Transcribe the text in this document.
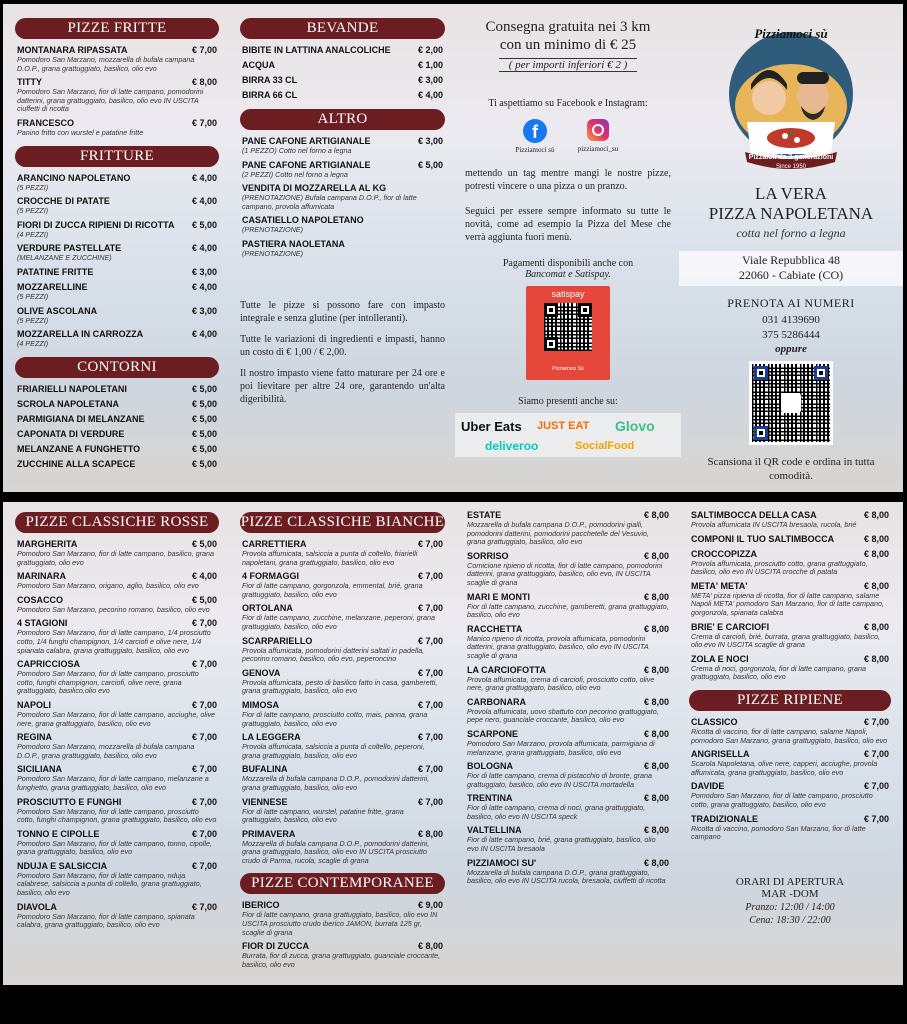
PIZZE FRITTE
MONTANARA RIPASSATA	€ 7,00
Pomodoro San Marzano, mozzarella di bufala campana D.O.P., grana grattuggiato, basilico, olio evo
TITTY	€ 8,00
Pomodoro San Marzano, fior di latte campano, pomodorini datterini, grana grattuggiato, basilico, olio evo IN USCITA ciuffetti di ricotta
FRANCESCO	€ 7,00
Panino fritto con wurstel e patatine fritte
FRITTURE
ARANCINO NAPOLETANO	€ 4,00
(5 PEZZI)
CROCCHE DI PATATE	€ 4,00
(5 PEZZI)
FIORI DI ZUCCA RIPIENI DI RICOTTA	€ 5,00
(4 PEZZI)
VERDURE PASTELLATE	€ 4,00
(MELANZANE E ZUCCHINE)
PATATINE FRITTE	€ 3,00
MOZZARELLINE	€ 4,00
(5 PEZZI)
OLIVE ASCOLANA	€ 3,00
(5 PEZZI)
MOZZARELLA IN CARROZZA	€ 4,00
(4 PEZZI)
CONTORNI
FRIARIELLI NAPOLETANI	€ 5,00
SCROLA NAPOLETANA	€ 5,00
PARMIGIANA DI MELANZANE	€ 5,00
CAPONATA DI VERDURE	€ 5,00
MELANZANE A FUNGHETTO	€ 5,00
ZUCCHINE ALLA SCAPECE	€ 5,00
BEVANDE
BIBITE IN LATTINA ANALCOLICHE	€ 2,00
ACQUA	€ 1,00
BIRRA 33 CL	€ 3,00
BIRRA 66 CL	€ 4,00
ALTRO
PANE CAFONE ARTIGIANALE	€ 3,00
(1 PEZZO) Cotto nel forno a legna
PANE CAFONE ARTIGIANALE	€ 5,00
(2 PEZZI) Cotto nel forno a legna
VENDITA DI MOZZARELLA AL KG
(PRENOTAZIONE) Bufala campana D.O.P., fior di latte campano, provola affumicata
CASATIELLO NAPOLETANO
(PRENOTAZIONE)
PASTIERA NAOLETANA
(PRENOTAZIONE)

Tutte le pizze si possono fare con impasto integrale e senza glutine (per intolleranti).

Tutte le variazioni di ingredienti e impasti, hanno un costo di € 1,00 / € 2,00.

Il nostro impasto viene fatto maturare per 24 ore e poi lievitare per altre 24 ore, garantendo un'alta digeribilità.

Consegna gratuita nei 3 km

con un minimo di € 25

( per importi inferiori € 2 )

Ti aspettiamo su Facebook e Instagram:

f
Pizziamoci sù	pizziamoci_su

mettendo un tag mentre mangi le nostre pizze, potresti vincere o una pizza o un pranzo.

Seguici per essere sempre informato su tutte le novità, come ad esempio la Pizza del Mese che verrà aggiunta fuori menù.

Pagamenti disponibili anche con

Bancomat e Satispay.

satispay
Pizziamoci Sù

Siamo presenti anche su:

Uber Eats JUST EAT Glovo
deliveroo	SocialFood
Pizziamoci sù
Pizzaioli da 3 generazioni
Since 1950
LA VERA
PIZZA NAPOLETANA
cotta nel forno a legna
Viale Repubblica 48
22060 - Cabiate (CO)
PRENOTA AI NUMERI
031 4139690
375 5286444
oppure
Scansiona il QR code e ordina in tutta comodità.
PIZZE CLASSICHE ROSSE
MARGHERITA	€ 5,00
Pomodoro San Marzano, fior di latte campano, basilico, grana grattuggiato, olio evo
MARINARA	€ 4,00
Pomodoro San Marzano, origano, aglio, basilico, olio evo
COSACCO	€ 5,00
Pomodoro San Marzano, pecorino romano, basilico, olio evo
4 STAGIONI	€ 7,00
Pomodoro San Marzano, fior di latte campano, 1/4 prosciutto cotto, 1/4 funghi champignon, 1/4 carciofi e olive nere, 1/4 spianata calabra, grana grattuggiato, basilico, olio evo
CAPRICCIOSA	€ 7,00
Pomodoro San Marzano, fior di latte campano, prosciutto cotto, funghi champignon, carciofi, olive nere, grana grattuggiato, basilico,olio evo
NAPOLI	€ 7,00
Pomodoro San Marzano, fior di latte campano, acciughe, olive nere, grana grattuggiato, basilico, olio evo
REGINA	€ 7,00
Pomodoro San Marzano, mozzarella di bufala campana D.O.P., grana grattuggiato, basilico, olio evo
SICILIANA	€ 7,00
Pomodoro San Marzano, fior di latte campano, melanzane a funghetto, grana grattuggiato, basilico, olio evo
PROSCIUTTO E FUNGHI	€ 7,00
Pomodoro San Marzano, fior di latte campano, prosciutto cotto, funghi champignon, grana grattuggiato, basilico, olio evo
TONNO E CIPOLLE	€ 7,00
Pomodoro San Marzano, fior di latte campano, tonno, cipolle, grana grattuggiato, basilico, olio evo
NDUJA E SALSICCIA	€ 7,00
Pomodoro San Marzano, fior di latte campano, nduja calabrese, salsiccia a punta di coltello, grana grattuggiato, basilico, olio evo
DIAVOLA	€ 7,00
Pomodoro San Marzano, fior di latte campano, spianata calabra, grana grattuggiato, basilico, olio evo
PIZZE CLASSICHE BIANCHE
CARRETTIERA	€ 7,00
Provola affumicata, salsiccia a punta di coltello, friarielli napoletani, grana grattuggiato, basilico, olio evo
4 FORMAGGI	€ 7,00
Fior di latte campano, gorgonzola, emmental, brié, grana grattuggiato, basilico, olio evo
ORTOLANA	€ 7,00
Fior di latte campano, zucchine, melanzane, peperoni, grana grattuggiato, basilico, olio evo
SCARPARIELLO	€ 7,00
Provola affumicata, pomodorini datterini saltati in padella, pecorino romano, basilico, olio evo, peperoncino
GENOVA	€ 7,00
Provola affumicata, pesto di basilico fatto in casa, gamberetti, grana grattuggiato, basilico, olio evo
MIMOSA	€ 7,00
Fior di latte campano, prosciutto cotto, mais, panna, grana grattuggiato, basilico, olio evo
LA LEGGERA	€ 7,00
Provola affumicata, salsiccia a punta di coltello, peperoni, grana grattuggiato, basilico, olio evo
BUFALINA	€ 7,00
Mozzarella di bufala campana D.O.P., pomodorini datterini, grana grattuggiato, basilico, olio evo
VIENNESE	€ 7,00
Fior di latte campano, wurstel, patatine fritte, grana grattuggiato, basilico, olio evo
PRIMAVERA	€ 8,00
Mozzarella di bufala campana D.O.P., pomodorini datterini, grana grattuggiato, basilico, olio evo IN USCITA prosciutto crudo di Parma, rucola, scaglie di grana
PIZZE CONTEMPORANEE
IBERICO	€ 9,00
Fior di latte campano, grana grattuggiato, basilico, olio evo IN USCITA prosciutto crudo iberico JAMON, burrata 125 gr, scaglie di grana
FIOR DI ZUCCA	€ 8,00
Burrata, fior di zucca, grana grattuggiato, guanciale croccante, basilico, olio evo
ESTATE	€ 8,00
Mozzarella di bufala campana D.O.P., pomodorini gialli, pomodorini datterini, pomodorini pacchetelle del Vesuvio, grana grattuggiato, basilico, olio evo
SORRISO	€ 8,00
Cornicione ripieno di ricotta, fior di latte campano, pomodorini datterini, grana grattuggiato, basilico, olio evo, IN USCITA scaglie di grana
MARI E MONTI	€ 8,00
Fior di latte campano, zucchine, gamberetti, grana grattuggiato, basilico, olio evo
RACCHETTA	€ 8,00
Manico ripieno di ricotta, provola affumicata, pomodorini datterini, grana grattuggiato, basilico, olio evo IN USCITA scaglie di grana
LA CARCIOFOTTA	€ 8,00
Provola affumicata, crema di carciofi, prosciutto cotto, olive nere, grana grattuggiato, basilico, olio evo
CARBONARA	€ 8,00
Provola affumicata, uovo sbattuto con pecorino grattuggiato, pepe nero, guanciale croccante, basilico, olio evo
SCARPONE	€ 8,00
Pomodoro San Marzano, provola affumicata, parmigiana di melanzane, grana grattuggiato, basilico, olio evo
BOLOGNA	€ 8,00
Fior di latte campano, crema di pistacchio di bronte, grana grattuggiato, basilico, olio evo IN USCITA mortadella
TRENTINA	€ 8,00
Fior di latte campano, crema di noci, grana grattuggiato, basilico, olio evo IN USCITA speck
VALTELLINA	€ 8,00
Fior di latte campano, brié, grana grattuggiato, basilico, olio evo IN USCITA bresaola
PIZZIAMOCI SU'	€ 8,00
Mozzarella di bufala campana D.O.P., grana grattuggiato, basilico, olio evo IN USCITA rucola, bresaola, ciuffetti di ricotta
SALTIMBOCCA DELLA CASA	€ 8,00
Provola affumicata IN USCITA bresaola, rucola, brié
COMPONI IL TUO SALTIMBOCCA	€ 8,00
CROCCOPIZZA	€ 8,00
Provola affumicata, prosciutto cotto, grana grattuggiato, basilico, olio evo IN USCITA crocche di patata
META' META'	€ 8,00
META' pizza ripiena di ricotta, fior di latte campano, salame Napoli META' pomodoro San Marzano, fior di latte campano, gorgonzola, spianata calabra
BRIE' E CARCIOFI	€ 8,00
Crema di carciofi, brié, burrata, grana grattuggiato, basilico, olio evo IN USCITA scaglie di grana
ZOLA E NOCI	€ 8,00
Crema di noci, gorgonzola, fior di latte campano, grana grattuggiato, basilico, olio evo
PIZZE RIPIENE
CLASSICO	€ 7,00
Ricotta di vaccino, fior di latte campano, salame Napoli, pomodoro San Marzano, grana grattuggiato, basilico, olio evo
ANGRISELLA	€ 7,00
Scarola Napoletana, olive nere, capperi, acciughe, provola affumicata, grana grattuggiato, basilico, olio evo
DAVIDE	€ 7,00
Pomodoro San Marzano, fior di latte campano, prosciutto cotto, grana grattuggiato, basilico, olio evo
TRADIZIONALE	€ 7,00
Ricotta di vaccino, pomodoro San Marzano, fior di latte campano
ORARI DI APERTURA
MAR -DOM
Pranzo: 12:00 / 14:00
Cena: 18:30 / 22:00
